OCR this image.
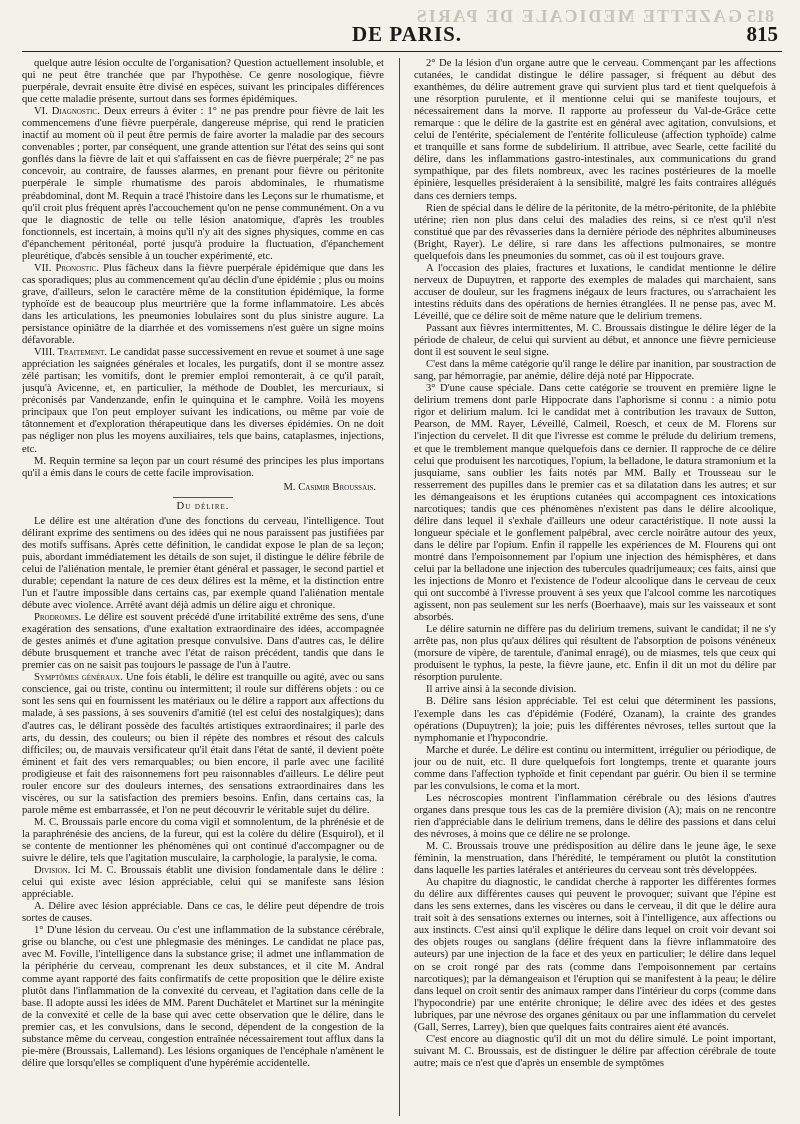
GAZETTE MEDICALE DE PARIS 815
DE PARIS.	815

quelque autre lésion occulte de l'organisation? Question actuellement insoluble, et qui ne peut être tranchée que par l'hypothèse. Ce genre nosologique, fièvre puerpérale, devrait ensuite être divisé en espèces, suivant les principales différences que cette maladie présente, surtout dans ses formes épidémiques.

VI. Diagnostic. Deux erreurs à éviter : 1° ne pas prendre pour fièvre de lait les commencemens d'une fièvre puerpérale, dangereuse méprise, qui rend le praticien inactif au moment où il peut être permis de faire avorter la maladie par des secours convenables ; porter, par conséquent, une grande attention sur l'état des seins qui sont gonflés dans la fièvre de lait et qui s'affaissent en cas de fièvre puerpérale; 2° ne pas concevoir, au contraire, de fausses alarmes, en prenant pour fièvre ou péritonite puerpérale le simple rhumatisme des parois abdominales, le rhumatisme préabdominal, dont M. Requin a tracé l'histoire dans les Leçons sur le rhumatisme, et qu'il croit plus fréquent après l'accouchement qu'on ne pense communément. On a vu que le diagnostic de telle ou telle lésion anatomique, d'après les troubles fonctionnels, est incertain, à moins qu'il n'y ait des signes physiques, comme en cas d'épanchement péritonéal, porté jusqu'à produire la fluctuation, d'épanchement pleurétique, d'abcès sensible à un toucher expérimenté, etc.

VII. Pronostic. Plus fâcheux dans la fièvre puerpérale épidémique que dans les cas sporadiques; plus au commencement qu'au déclin d'une épidémie ; plus ou moins grave, d'ailleurs, selon le caractère même de la constitution épidémique, la forme typhoïde est de beaucoup plus meurtrière que la forme inflammatoire. Les abcès dans les articulations, les pneumonies lobulaires sont du plus sinistre augure. La persistance opiniâtre de la diarrhée et des vomissemens n'est guère un signe moins défavorable.

VIII. Traitement. Le candidat passe successivement en revue et soumet à une sage appréciation les saignées générales et locales, les purgatifs, dont il se montre assez zélé partisan; les vomitifs, dont le premier emploi remonterait, à ce qu'il paraît, jusqu'à Avicenne, et, en particulier, la méthode de Doublet, les mercuriaux, si préconisés par Vandenzande, enfin le quinquina et le camphre. Voilà les moyens principaux que l'on peut employer suivant les indications, ou même par voie de tâtonnement et d'exploration thérapeutique dans les diverses épidémies. On ne doit pas négliger non plus les moyens auxiliaires, tels que bains, cataplasmes, injections, etc.

M. Requin termine sa leçon par un court résumé des principes les plus importans qu'il a émis dans le cours de cette facile improvisation.

M. Casimir Broussais.

Du délire.

Le délire est une altération d'une des fonctions du cerveau, l'intelligence. Tout délirant exprime des sentimens ou des idées qui ne nous paraissent pas justifiées par des motifs suffisans. Après cette définition, le candidat expose le plan de sa leçon; puis, abordant immédiatement les détails de son sujet, il distingue le délire fébrile de celui de l'aliénation mentale, le premier étant général et passager, le second partiel et durable; cependant la nature de ces deux délires est la même, et la distinction entre l'un et l'autre impossible dans certains cas, par exemple quand l'aliénation mentale débute avec violence. Arrêté avant déjà admis un délire aigu et chronique.

Prodromes. Le délire est souvent précédé d'une irritabilité extrême des sens, d'une exagération des sensations, d'une exaltation extraordinaire des idées, accompagnée de gestes animés et d'une agitation presque convulsive. Dans d'autres cas, le délire débute brusquement et tranche avec l'état de raison précédent, tandis que dans le premier cas on ne saisit pas toujours le passage de l'un à l'autre.

Symptômes généraux. Une fois établi, le délire est tranquille ou agité, avec ou sans conscience, gai ou triste, continu ou intermittent; il roule sur différens objets : ou ce sont les sens qui en fournissent les matériaux ou le délire a rapport aux affections du malade, à ses passions, à ses souvenirs d'amitié (tel est celui des nostalgiques); dans d'autres cas, le délirant possède des facultés artistiques extraordinaires; il parle des arts, du dessin, des couleurs; ou bien il répète des nombres et résout des calculs difficiles; ou, de mauvais versificateur qu'il était dans l'état de santé, il devient poète éminent et fait des vers remarquables; ou bien encore, il parle avec une facilité prodigieuse et fait des raisonnemens fort peu raisonnables d'ailleurs. Le délire peut rouler encore sur des douleurs internes, des sensations extraordinaires dans les viscères, ou sur la satisfaction des premiers besoins. Enfin, dans certains cas, la parole même est embarrassée, et l'on ne peut découvrir le véritable sujet du délire.

M. C. Broussais parle encore du coma vigil et somnolentum, de la phrénésie et de la paraphrénésie des anciens, de la fureur, qui est la colère du délire (Esquirol), et il se contente de mentionner les phénomènes qui ont continué d'accompagner ou de suivre le délire, tels que l'agitation musculaire, la carphologie, la paralysie, le coma.

Division. Ici M. C. Broussais établit une division fondamentale dans le délire : celui qui existe avec lésion appréciable, celui qui se manifeste sans lésion appréciable.

A. Délire avec lésion appréciable. Dans ce cas, le délire peut dépendre de trois sortes de causes.

1° D'une lésion du cerveau. Ou c'est une inflammation de la substance cérébrale, grise ou blanche, ou c'est une phlegmasie des méninges. Le candidat ne place pas, avec M. Foville, l'intelligence dans la substance grise; il admet une inflammation de la périphérie du cerveau, comprenant les deux substances, et il cite M. Andral comme ayant rapporté des faits confirmatifs de cette proposition que le délire existe plutôt dans l'inflammation de la convexité du cerveau, et l'agitation dans celle de la base. Il adopte aussi les idées de MM. Parent Duchâtelet et Martinet sur la méningite de la convexité et celle de la base qui avec cette observation que le délire, dans le premier cas, et les convulsions, dans le second, dépendent de la congestion de la substance même du cerveau, congestion entraînée nécessairement tout afflux dans la pie-mère (Broussais, Lallemand). Les lésions organiques de l'encéphale n'amènent le délire que lorsqu'elles se compliquent d'une hypérémie accidentelle.

2° De la lésion d'un organe autre que le cerveau. Commençant par les affections cutanées, le candidat distingue le délire passager, si fréquent au début des exanthèmes, du délire autrement grave qui survient plus tard et tient quelquefois à une résorption purulente, et il mentionne celui qui se manifeste toujours, et nécessairement dans la morve. Il rapporte au professeur du Val-de-Grâce cette remarque : que le délire de la gastrite est en général avec agitation, convulsions, et celui de l'entérite, spécialement de l'entérite folliculeuse (affection typhoïde) calme et tranquille et sans forme de subdelirium. Il attribue, avec Searle, cette facilité du délire, dans les inflammations gastro-intestinales, aux communications du grand sympathique, par des filets nombreux, avec les racines postérieures de la moelle épinière, lesquelles présideraient à la sensibilité, malgré les faits contraires allégués dans ces derniers temps.

Rien de spécial dans le délire de la péritonite, de la métro-péritonite, de la phlébite utérine; rien non plus dans celui des maladies des reins, si ce n'est qu'il n'est constitué que par des rêvasseries dans la dernière période des néphrites albumineuses (Bright, Rayer). Le délire, si rare dans les affections pulmonaires, se montre quelquefois dans les pneumonies du sommet, cas où il est toujours grave.

A l'occasion des plaies, fractures et luxations, le candidat mentionne le délire nerveux de Dupuytren, et rapporte des exemples de malades qui marchaient, sans accuser de douleur, sur les fragmens inégaux de leurs fractures, ou s'arrachaient les intestins réduits dans des opérations de hernies étranglées. Il ne pense pas, avec M. Léveillé, que ce délire soit de même nature que le delirium tremens.

Passant aux fièvres intermittentes, M. C. Broussais distingue le délire léger de la période de chaleur, de celui qui survient au début, et annonce une fièvre pernicieuse dont il est souvent le seul signe.

C'est dans la même catégorie qu'il range le délire par inanition, par soustraction de sang, par hémorragie, par anémie, délire déjà noté par Hippocrate.

3° D'une cause spéciale. Dans cette catégorie se trouvent en première ligne le delirium tremens dont parle Hippocrate dans l'aphorisme si connu : a nimio potu rigor et delirium malum. Ici le candidat met à contribution les travaux de Sutton, Pearson, de MM. Rayer, Léveillé, Calmeil, Roesch, et ceux de M. Florens sur l'injection du cervelet. Il dit que l'ivresse est comme le prélude du delirium tremens, et que le tremblement manque quelquefois dans ce dernier. Il rapproche de ce délire celui que produisent les narcotiques, l'opium, la belladone, le datura stramonium et la jusquiame, sans oublier les faits notés par MM. Bally et Trousseau sur le resserrement des pupilles dans le premier cas et sa dilatation dans les autres; et sur les démangeaisons et les éruptions cutanées qui accompagnent ces intoxications narcotiques; tandis que ces phénomènes n'existent pas dans le délire alcoolique, délire dans lequel il s'exhale d'ailleurs une odeur caractéristique. Il note aussi la longueur spéciale et le gonflement palpébral, avec cercle noirâtre autour des yeux, dans le délire par l'opium. Enfin il rappelle les expériences de M. Flourens qui ont montré dans l'empoisonnement par l'opium une injection des hémisphères, et dans celui par la belladone une injection des tubercules quadrijumeaux; ces faits, ainsi que les injections de Monro et l'existence de l'odeur alcoolique dans le cerveau de ceux qui ont succombé à l'ivresse prouvent à ses yeux que l'alcool comme les narcotiques agissent, non pas seulement sur les nerfs (Boerhaave), mais sur les vaisseaux et sont absorbés.

Le délire saturnin ne diffère pas du delirium tremens, suivant le candidat; il ne s'y arrête pas, non plus qu'aux délires qui résultent de l'absorption de poisons vénéneux (morsure de vipère, de tarentule, d'animal enragé), ou de miasmes, tels que ceux qui produisent le typhus, la peste, la fièvre jaune, etc. Enfin il dit un mot du délire par résorption purulente.

Il arrive ainsi à la seconde division.

B. Délire sans lésion appréciable. Tel est celui que déterminent les passions, l'exemple dans les cas d'épidémie (Fodéré, Ozanam), la crainte des grandes opérations (Dupuytren); la joie; puis les différentes névroses, telles surtout que la nymphomanie et l'hypocondrie.

Marche et durée. Le délire est continu ou intermittent, irrégulier ou périodique, de jour ou de nuit, etc. Il dure quelquefois fort longtemps, trente et quarante jours comme dans l'affection typhoïde et finit cependant par guérir. Ou bien il se termine par les convulsions, le coma et la mort.

Les nécroscopies montrent l'inflammation cérébrale ou des lésions d'autres organes dans presque tous les cas de la première division (A); mais on ne rencontre rien d'appréciable dans le delirium tremens, dans le délire des passions et dans celui des névroses, à moins que ce délire ne se prolonge.

M. C. Broussais trouve une prédisposition au délire dans le jeune âge, le sexe féminin, la menstruation, dans l'hérédité, le tempérament ou plutôt la constitution dans laquelle les parties latérales et antérieures du cerveau sont très développées.

Au chapitre du diagnostic, le candidat cherche à rapporter les différentes formes du délire aux différentes causes qui peuvent le provoquer; suivant que l'épine est dans les sens externes, dans les viscères ou dans le cerveau, il dit que le délire aura trait soit à des sensations externes ou internes, soit à l'intelligence, aux affections ou aux instincts. C'est ainsi qu'il explique le délire dans lequel on croit voir devant soi des objets rouges ou sanglans (délire fréquent dans la fièvre inflammatoire des auteurs) par une injection de la face et des yeux en particulier; le délire dans lequel on se croit rongé par des rats (comme dans l'empoisonnement par certains narcotiques); par la démangeaison et l'éruption qui se manifestent à la peau; le délire dans lequel on croit sentir des animaux ramper dans l'intérieur du corps (comme dans l'hypocondrie) par une entérite chronique; le délire avec des idées et des gestes lubriques, par une névrose des organes génitaux ou par une inflammation du cervelet (Gall, Serres, Larrey), bien que quelques faits contraires aient été avancés.

C'est encore au diagnostic qu'il dit un mot du délire simulé. Le point important, suivant M. C. Broussais, est de distinguer le délire par affection cérébrale de toute autre; mais ce n'est que d'après un ensemble de symptômes
